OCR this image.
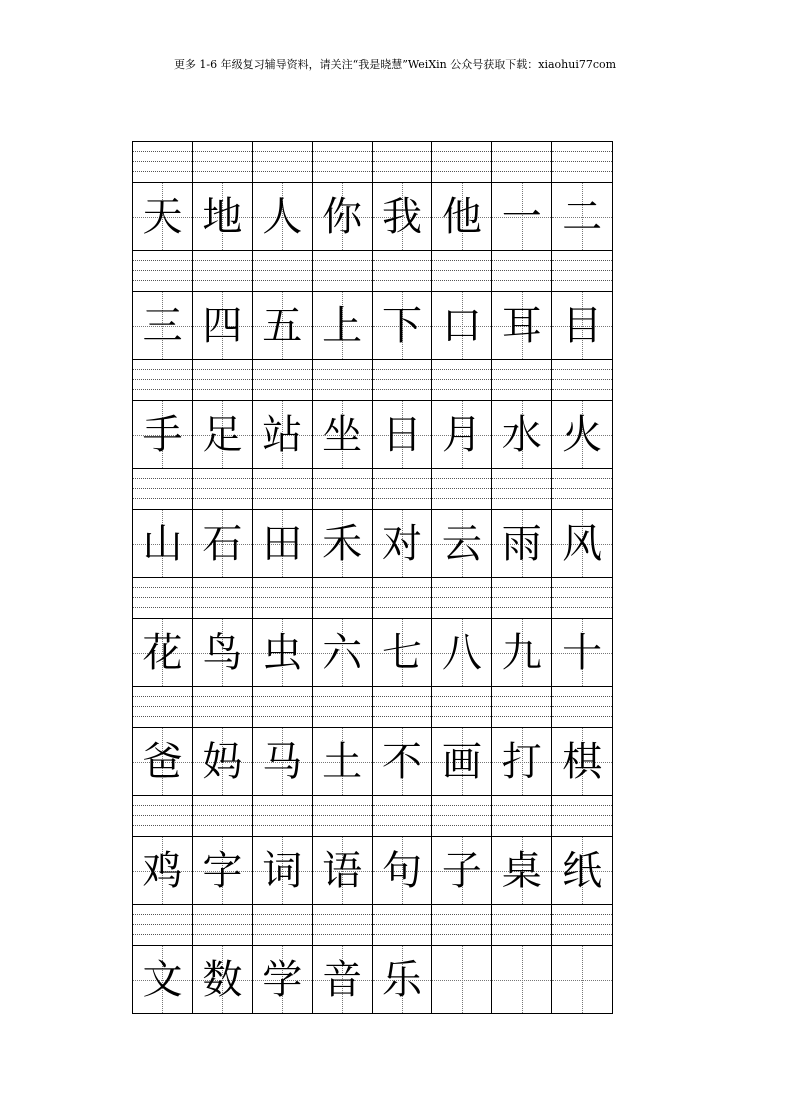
更多 1-6 年级复习辅导资料，请关注“我是晓慧”WeiXin 公众号获取下载：xiaohui77com
天 地 人 你 我 他 一 二
三 四 五 上 下 口 耳 目
手 足 站 坐 日 月 水 火
山 石 田 禾 对 云 雨 风
花 鸟 虫 六 七 八 九 十
爸 妈 马 土 不 画 打 棋
鸡 字 词 语 句 子 桌 纸
文 数 学 音 乐
